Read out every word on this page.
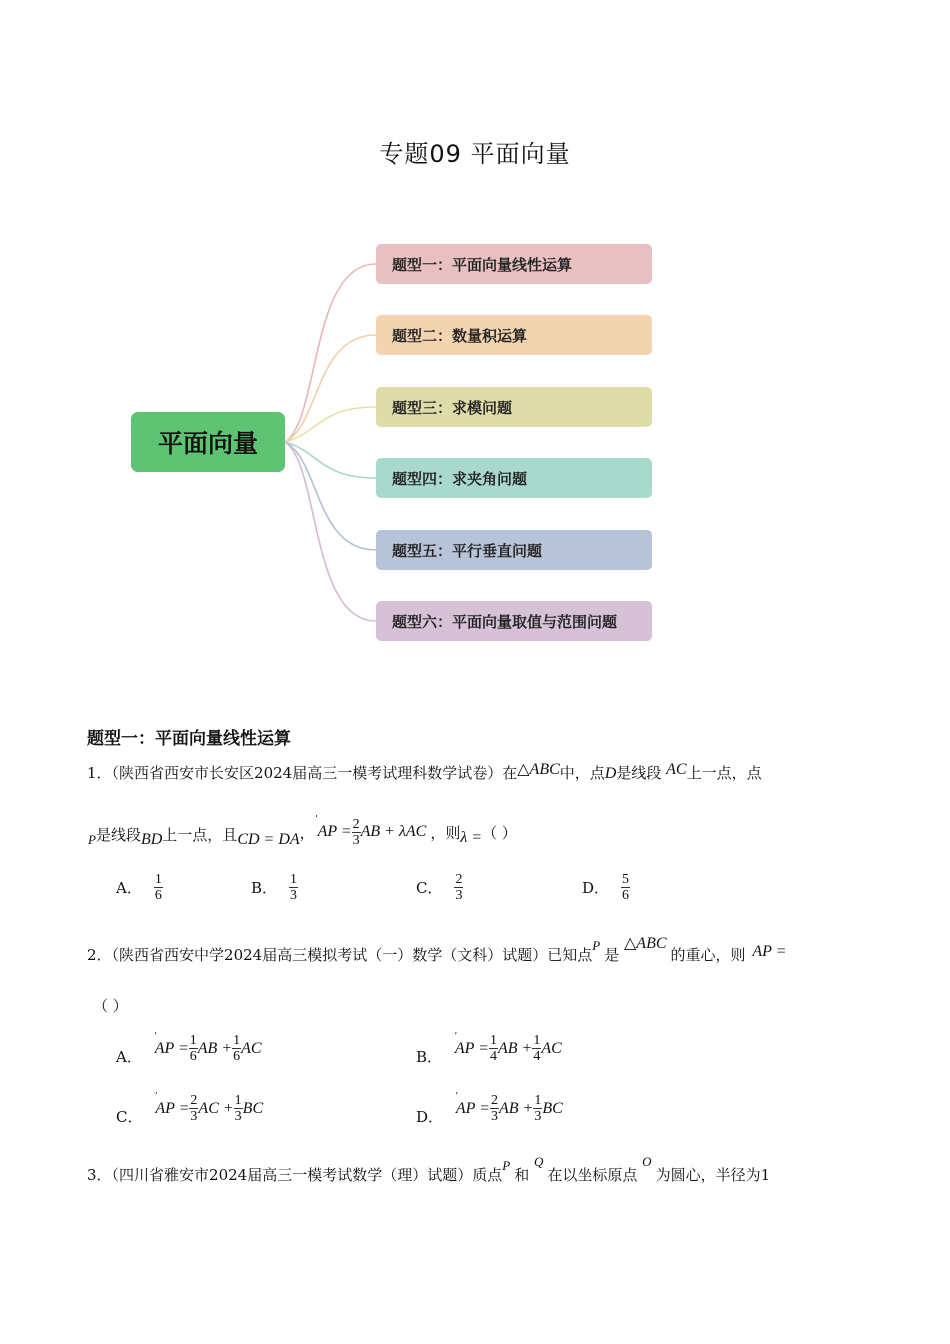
专题09 平面向量
平面向量
题型一：平面向量线性运算
题型二：数量积运算
题型三：求模问题
题型四：求夹角问题
题型五：平行垂直问题
题型六：平面向量取值与范围问题
题型一：平面向量线性运算
1．（陕西省西安市长安区2024届高三一模考试理科数学试卷）在△ABC中，点D是线段 AC上一点，点
P 是线段 BD 上一点，且 CD = DA ，
ʼ
AP = $\frac{2}{3}$ AB + λAC ，则 λ = （ ）
A． $\frac{1}{6}$	B． $\frac{1}{3}$	C． $\frac{2}{3}$	D． $\frac{5}{6}$
2．（陕西省西安中学2024届高三模拟考试（一）数学（文科）试题）已知点P是 △ABC的重心，则 AP =
（ ）
A．
ʼ
AP = $\frac{1}{6}$ AB + $\frac{1}{6}$ AC	B．
ʼ
AP = $\frac{1}{4}$ AB + $\frac{1}{4}$ AC
C．
ʼ
AP = $\frac{2}{3}$ AC + $\frac{1}{3}$ BC	D．
ʼ
AP = $\frac{2}{3}$ AB + $\frac{1}{3}$ BC
3．（四川省雅安市2024届高三一模考试数学（理）试题）质点P和 Q在以坐标原点 O为圆心，半径为1
